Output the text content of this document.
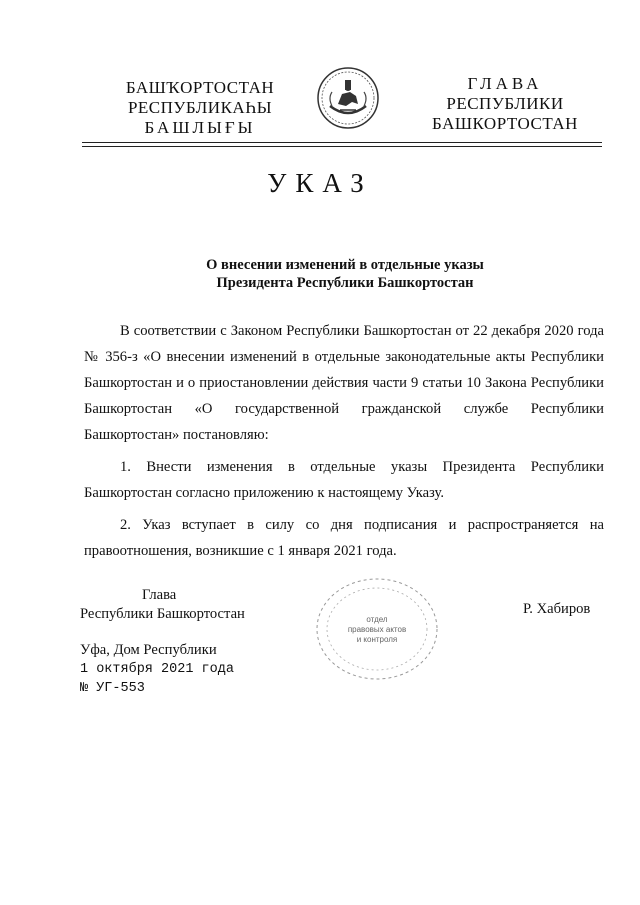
БАШҠОРТОСТАН
РЕСПУБЛИКАҺЫ
БАШЛЫҒЫ
ГЛАВА
РЕСПУБЛИКИ
БАШКОРТОСТАН
УКАЗ
О внесении изменений в отдельные указы
Президента Республики Башкортостан

В соответствии с Законом Республики Башкортостан от 22 декабря 2020 года № 356-з «О внесении изменений в отдельные законодательные акты Республики Башкортостан и о приостановлении действия части 9 статьи 10 Закона Республики Башкортостан «О государственной гражданской службе Республики Башкортостан» постановляю:

1. Внести изменения в отдельные указы Президента Республики Башкортостан согласно приложению к настоящему Указу.

2. Указ вступает в силу со дня подписания и распространяется на правоотношения, возникшие с 1 января 2021 года.

Глава
Республики Башкортостан	отдел
правовых актов
и контроля
Р. Хабиров
Уфа, Дом Республики
1 октября 2021 года
№ УГ-553
